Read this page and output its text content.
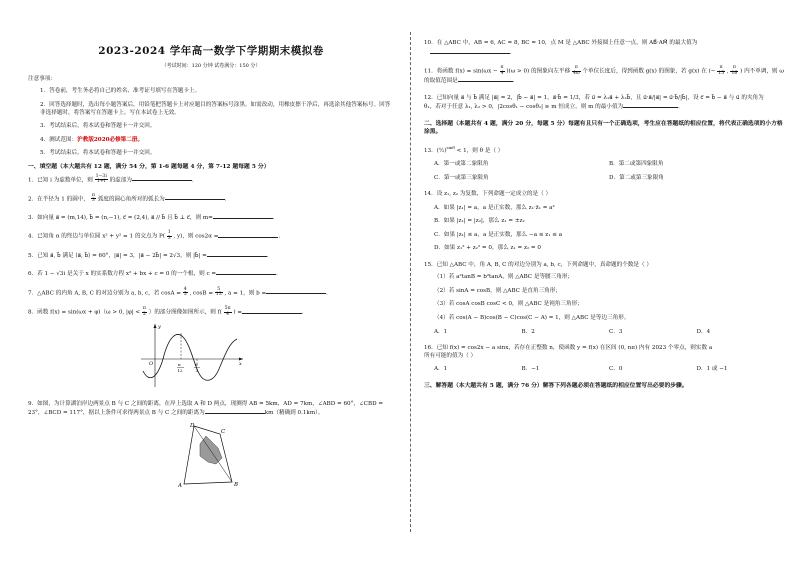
2023-2024 学年高一数学下学期期末模拟卷
（考试时间：120 分钟 试卷满分：150 分）
注意事项：
1．答卷前，考生务必将自己的姓名、准考证号填写在答题卡上。
2．回答选择题时，选出每小题答案后，用铅笔把答题卡上对应题目的答案标号涂黑。如需改动，用橡皮擦干净后，再选涂其他答案标号。回答非选择题时，将答案写在答题卡上。写在本试卷上无效。
3．考试结束后，将本试卷和答题卡一并交回。
4．测试范围：沪教版2020必修第二册。
5．考试结束后，将本试卷和答题卡一并交回。
一、填空题（本大题共有 12 题，满分 54 分，第 1-6 题每题 4 分，第 7-12 题每题 5 分）
1．已知 i 为虚数单位，则 $\frac{1-3i}{1+i}$ 的虚部为	．
2．在半径为 1 的圆中， $\frac{\pi}{3}$ 弧度的圆心角所对的弧长为	．
3．如向量 a⃗ = (m,14), b⃗ = (n,−1), c⃗ = (2,4), a⃗ // b⃗ 且 b⃗ ⊥ c⃗，则 m=	．
4．已知角 α 的终边与单位圆 x² + y² = 1 的交点为 $P( \frac{1}{3}$ , y)，则 cos2α =	．
5．已知 a⃗, b⃗ 满足 ⟨a⃗, b⃗⟩ = 60°，|a⃗| = 3，|a⃗ − 2b⃗| = 2√3，则 |b⃗| =	．
6．若 1 − √3i 是关于 x 的实系数方程 x² + bx + c = 0 的一个根，则 c =	．
7．△ABC 的内角 A, B, C 的对边分别为 a, b, c，若 $\cos A = \frac{4}{5}$ , $\cos B = \frac{5}{13}$ , a = 1，则 b =	．
8．函数 f(x) = sin(ωx + φ)（ω > 0, $|\varphi| < \frac{\pi}{2}$ ）的部分图像如图所示，则 $f( \frac{5\pi}{4}$ ) =	．
y
x
O	π
12
π
3
9．如图，为计算湖泊岸边两景点 B 与 C 之间的距离，在岸上选取 A 和 D 两点，现测得 AB = 5km，AD = 7km，∠ABD = 60°，∠CBD = 23°，∠BCD = 117°，据以上条件可求得两景点 B 与 C 之间的距离为	km（精确到 0.1km）。
A	B
C
D
10．在 △ABC 中，AB = 6, AC = 8, BC = 10，点 M 是 △ABC 外接圆上任意一点，则 AB⃗·AM⃗ 的最大值为
．
11．将函数 $f(x) = \sin(\omega x - \frac{\pi}{4} )(\omega > 0)$ 的图象向左平移 $\frac{\pi}{4\omega}$ 个单位长度后，得到函数 g(x) 的图象，若 g(x) 在 (− $\frac{\pi}{15}$ , $\frac{\pi}{16}$ ) 内不单调，则 ω 的取值范围是	．
12．已知向量 a⃗ 与 b⃗ 满足 |a⃗| = 2，|b⃗ − a⃗| = 1，a⃗·b⃗ = 1/3，若 u⃗ = λ₁a⃗ + λ₂b⃗，且 u⃗·a⃗/|a⃗| = u⃗·b⃗/|b⃗|，设 c⃗ = b⃗ − a⃗ 与 u⃗ 的夹角为
θ₁，若对于任意 λ₁, λ₂ > 0，|2cosθ₁ − cosθ₂| ≥ m 恒成立，则 m 的最小值为	．
二、选择题（本题共有 4 题，满分 20 分，每题 5 分）每题有且只有一个正确选项，考生应在答题纸的相应位置，将代表正确选项的小方格涂黑。
13．(½)$^{sin\theta}$ < 1，则 θ 是（ ）
A．第一或第二象限角	B．第二或第四象限角
C．第一或第三象限角	D．第二或第三象限角
14．设 z₁, z₂ 为复数，下列命题一定成立的是（ ）
A．如果 |z₁| = a，a 是正实数，那么 z₁·z̄₁ = a²
B．如果 |z₁| = |z₂|，那么 z₁ = ±z₂
C．如果 |z₁| ≤ a，a 是正实数，那么 −a ≤ z₁ ≤ a
D．如果 z₁² + z₂² = 0，那么 z₁ = z₂ = 0
15．已知 △ABC 中，角 A, B, C 的对边分别为 a, b, c，下列命题中，真命题的个数是（ ）
（1）若 a²tanB = b²tanA，则 △ABC 是等腰三角形；
（2）若 sinA = cosB，则 △ABC 是直角三角形；
（3）若 cosA cosB cosC < 0，则 △ABC 是钝角三角形；
（4）若 cos(A − B)cos(B − C)cos(C − A) = 1，则 △ABC 是等边三角形。
A．1	B．2	C．3	D．4
16．已知 f(x) = cos2x − a sinx，若存在正整数 n，使函数 y = f(x) 在区间 (0, nπ) 内有 2023 个零点，则实数 a
所有可能的值为（ ）
A．1	B．−1	C．0	D．1 或 −1
三、解答题（本大题共有 5 题，满分 76 分）解答下列各题必须在答题纸的相应位置写出必要的步骤。
